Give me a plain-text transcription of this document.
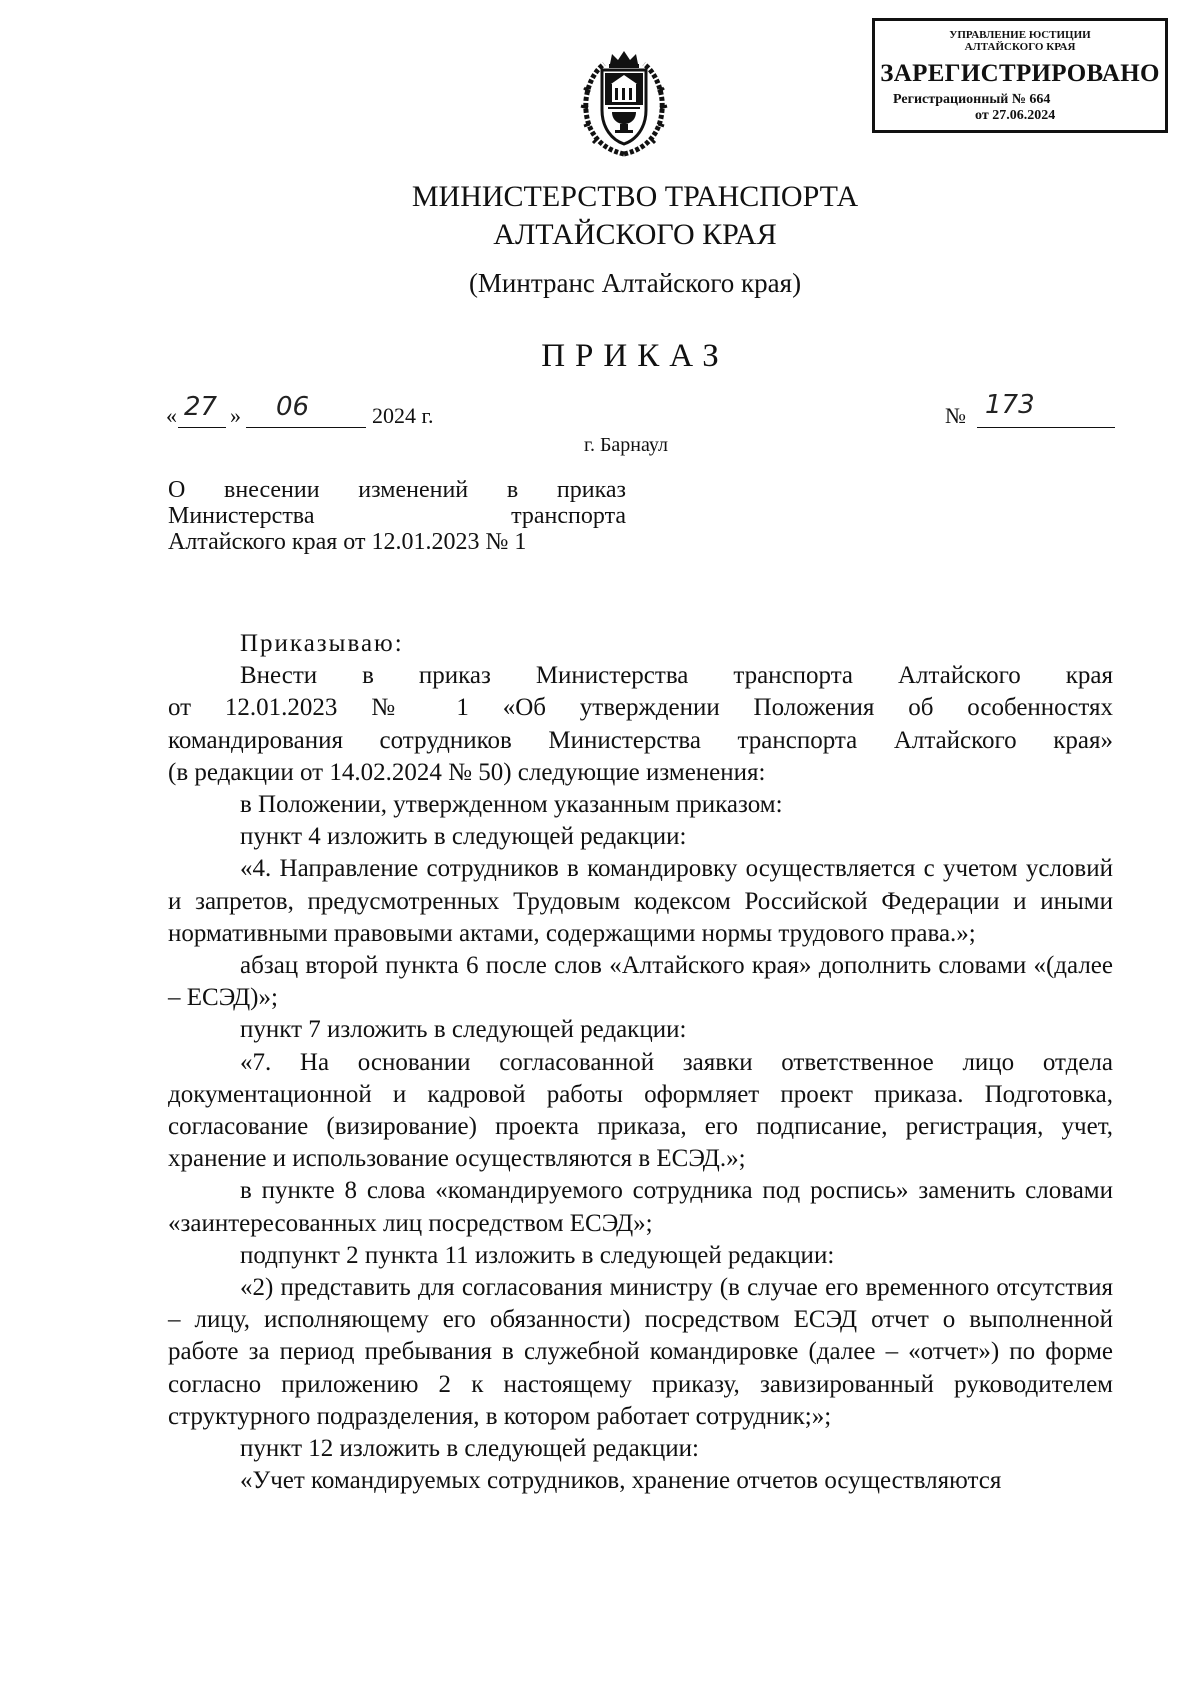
УПРАВЛЕНИЕ ЮСТИЦИИ
АЛТАЙСКОГО КРАЯ
ЗАРЕГИСТРИРОВАНО
Регистрационный № 664
от 27.06.2024
МИНИСТЕРСТВО ТРАНСПОРТА
АЛТАЙСКОГО КРАЯ
(Минтранс Алтайского края)
ПРИКАЗ
« 27 » 06	2024 г.	№ 173
г. Барнаул
О внесении изменений в приказ
Министерства	транспорта
Алтайского края от 12.01.2023 № 1

Приказываю:

Внести в приказ Министерства транспорта Алтайского края

от 12.01.2023 № 1 «Об утверждении Положения об особенностях
командирования сотрудников Министерства транспорта Алтайского края»
(в редакции от 14.02.2024 № 50) следующие изменения:

в Положении, утвержденном указанным приказом:

пункт 4 изложить в следующей редакции:

«4. Направление сотрудников в командировку осуществляется с учетом условий и запретов, предусмотренных Трудовым кодексом Российской Федерации и иными нормативными правовыми актами, содержащими нормы трудового права.»;

абзац второй пункта 6 после слов «Алтайского края» дополнить словами «(далее – ЕСЭД)»;

пункт 7 изложить в следующей редакции:

«7. На основании согласованной заявки ответственное лицо отдела документационной и кадровой работы оформляет проект приказа. Подготовка, согласование (визирование) проекта приказа, его подписание, регистрация, учет, хранение и использование осуществляются в ЕСЭД.»;

в пункте 8 слова «командируемого сотрудника под роспись» заменить словами «заинтересованных лиц посредством ЕСЭД»;

подпункт 2 пункта 11 изложить в следующей редакции:

«2) представить для согласования министру (в случае его временного отсутствия – лицу, исполняющему его обязанности) посредством ЕСЭД отчет о выполненной работе за период пребывания в служебной командировке (далее – «отчет») по форме согласно приложению 2 к настоящему приказу, завизированный руководителем структурного подразделения, в котором работает сотрудник;»;

пункт 12 изложить в следующей редакции:

«Учет командируемых сотрудников, хранение отчетов осуществляются
